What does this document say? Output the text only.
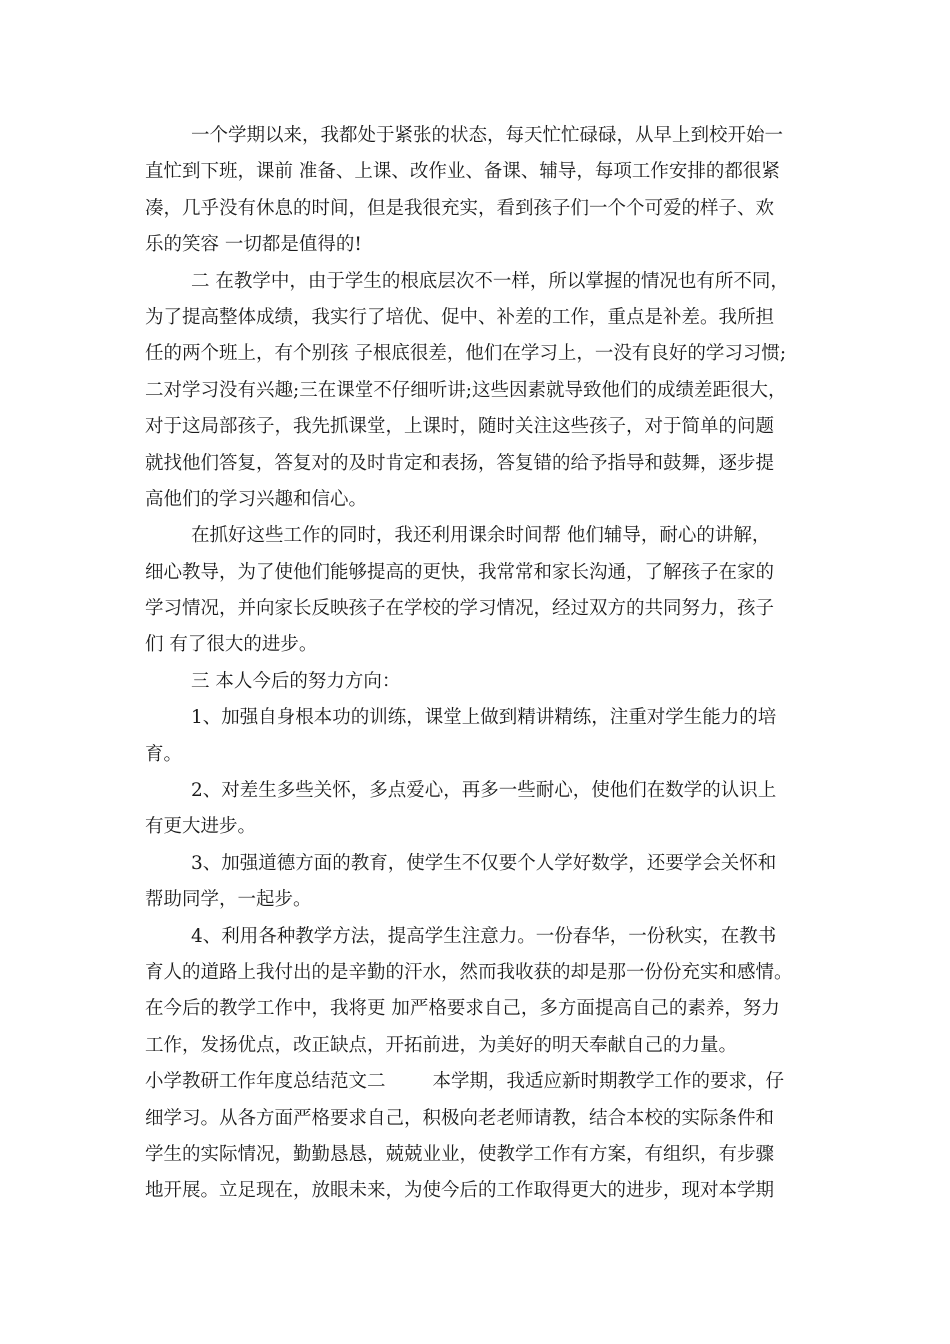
一个学期以来，我都处于紧张的状态，每天忙忙碌碌，从早上到校开始一

直忙到下班，课前 准备、上课、改作业、备课、辅导，每项工作安排的都很紧

凑，几乎没有休息的时间，但是我很充实，看到孩子们一个个可爱的样子、欢

乐的笑容 一切都是值得的!

二 在教学中，由于学生的根底层次不一样，所以掌握的情况也有所不同，

为了提高整体成绩，我实行了培优、促中、补差的工作，重点是补差。我所担

任的两个班上，有个别孩 子根底很差，他们在学习上，一没有良好的学习习惯;

二对学习没有兴趣;三在课堂不仔细听讲;这些因素就导致他们的成绩差距很大，

对于这局部孩子，我先抓课堂，上课时，随时关注这些孩子，对于简单的问题

就找他们答复，答复对的及时肯定和表扬，答复错的给予指导和鼓舞，逐步提

高他们的学习兴趣和信心。

在抓好这些工作的同时，我还利用课余时间帮 他们辅导，耐心的讲解，

细心教导，为了使他们能够提高的更快，我常常和家长沟通，了解孩子在家的

学习情况，并向家长反映孩子在学校的学习情况，经过双方的共同努力，孩子

们 有了很大的进步。

三 本人今后的努力方向：

1、加强自身根本功的训练，课堂上做到精讲精练，注重对学生能力的培

育。

2、对差生多些关怀，多点爱心，再多一些耐心，使他们在数学的认识上

有更大进步。

3、加强道德方面的教育，使学生不仅要个人学好数学，还要学会关怀和

帮助同学，一起步。

4、利用各种教学方法，提高学生注意力。一份春华，一份秋实，在教书

育人的道路上我付出的是辛勤的汗水，然而我收获的却是那一份份充实和感情。

在今后的教学工作中，我将更 加严格要求自己，多方面提高自己的素养，努力

工作，发扬优点，改正缺点，开拓前进，为美好的明天奉献自己的力量。

小学教研工作年度总结范文二        本学期，我适应新时期教学工作的要求，仔

细学习。从各方面严格要求自己，积极向老老师请教，结合本校的实际条件和

学生的实际情况，勤勤恳恳，兢兢业业，使教学工作有方案，有组织，有步骤

地开展。立足现在，放眼未来，为使今后的工作取得更大的进步，现对本学期
